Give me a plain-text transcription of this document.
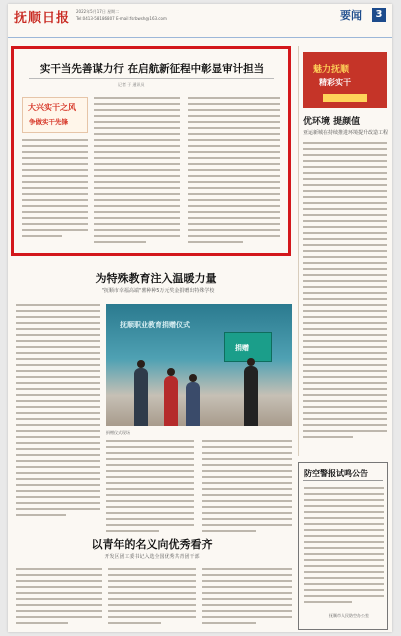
抚顺日报 2022年5月17日 星期二
Tel:0413-58186807 E-mail:fsrbwsh@163.com	要闻	3
实干当先善谋力行 在启航新征程中彰显审计担当
记者 于 通讯员
大兴实干之风
争做实干先锋
魅力抚顺
精彩实干
优环境 提颜值
亚运新城在持续推进环境提升改造工程
为特殊教育注入温暖力量
"抚顺市幸福高端"薯种种5万元奖金捐赠出特殊学校
抚顺职业教育捐赠仪式
捐赠
捐赠仪式现场
以青年的名义向优秀看齐
开发区团工委书记入选全国优秀共青团干部
防空警报试鸣公告
抚顺市人民防空办公室
